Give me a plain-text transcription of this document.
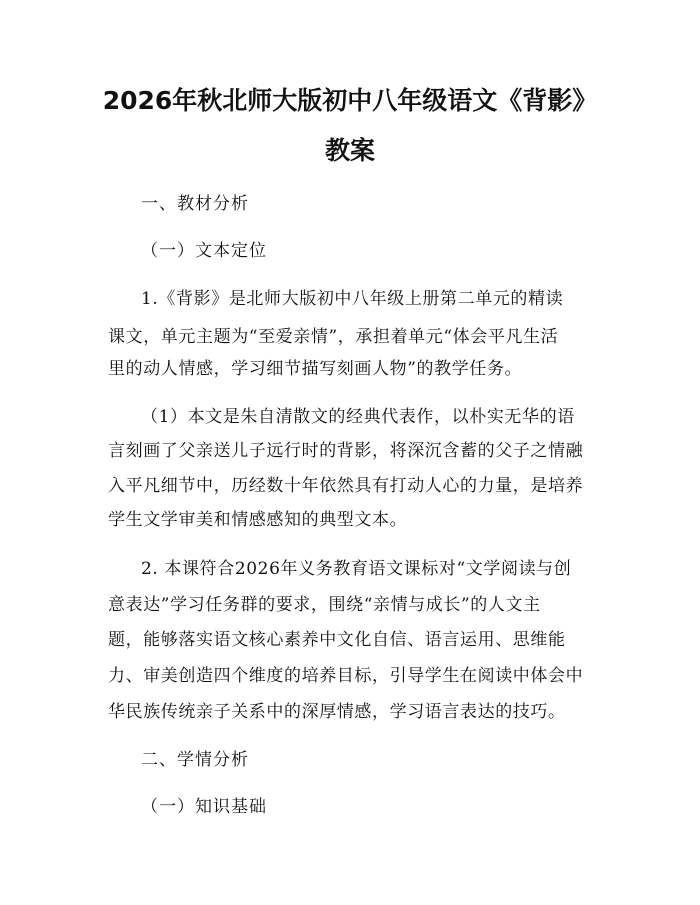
2026年秋北师大版初中八年级语文《背影》
教案
一、教材分析
（一）文本定位
1.《背影》是北师大版初中八年级上册第二单元的精读
课文，单元主题为“至爱亲情”，承担着单元“体会平凡生活
里的动人情感，学习细节描写刻画人物”的教学任务。
（1）本文是朱自清散文的经典代表作，以朴实无华的语
言刻画了父亲送儿子远行时的背影，将深沉含蓄的父子之情融
入平凡细节中，历经数十年依然具有打动人心的力量，是培养
学生文学审美和情感感知的典型文本。
2. 本课符合2026年义务教育语文课标对“文学阅读与创
意表达”学习任务群的要求，围绕“亲情与成长”的人文主
题，能够落实语文核心素养中文化自信、语言运用、思维能
力、审美创造四个维度的培养目标，引导学生在阅读中体会中
华民族传统亲子关系中的深厚情感，学习语言表达的技巧。
二、学情分析
（一）知识基础
